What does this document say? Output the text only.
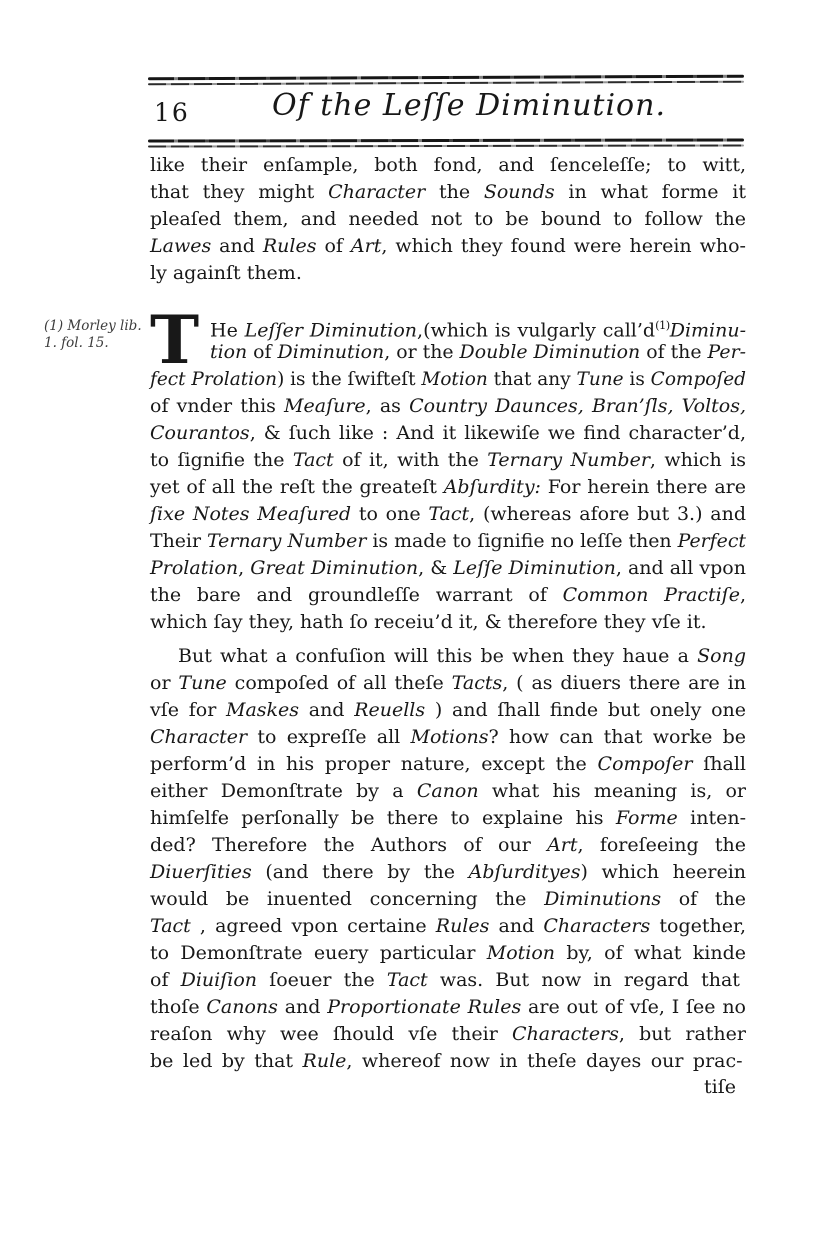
16	Of the Leſſe Diminution.
(1) Morley lib.
1. fol. 15.
like their enſample, both fond, and ſenceleſſe; to witt,
that they might Character the Sounds in what forme it
pleaſed them, and needed not to be bound to follow the
Lawes and Rules of Art, which they found were herein who-
ly againſt them.
T He Leſſer Diminution,(which is vulgarly $call’d^{(1)}Diminu-$
tion of Diminution, or the Double Diminution of the Per-
fect Prolation) is the ſwifteſt Motion that any Tune is Compoſed
of vnder this Meaſure, as Country Daunces, Bran’ſls, Voltos,
Courantos, & ſuch like : And it likewiſe we find character’d,
to ſignifie the Tact of it, with the Ternary Number, which is
yet of all the reſt the greateſt Abſurdity: For herein there are
ſixe Notes Meaſured to one Tact, (whereas afore but 3.) and
Their Ternary Number is made to ſignifie no leſſe then Perfect
Prolation, Great Diminution, & Leſſe Diminution, and all vpon
the bare and groundleſſe warrant of Common Practiſe,
which ſay they, hath ſo receiu’d it, & therefore they vſe it.
But what a confuſion will this be when they haue a Song
or Tune compoſed of all theſe Tacts, ( as diuers there are in
vſe for Maskes and Reuells ) and ſhall finde but onely one
Character to expreſſe all Motions? how can that worke be
perform’d in his proper nature, except the Compoſer ſhall
either Demonſtrate by a Canon what his meaning is, or
himſelfe perſonally be there to explaine his Forme inten-
ded? Therefore the Authors of our Art, foreſeeing the
Diuerſities (and there by the Abſurdityes) which heerein
would be inuented concerning the Diminutions of the
Tact , agreed vpon certaine Rules and Characters together,
to Demonſtrate euery particular Motion by, of what kinde
of Diuiſion ſoeuer the Tact was. But now in regard that
thoſe Canons and Proportionate Rules are out of vſe, I ſee no
reaſon why wee ſhould vſe their Characters, but rather
be led by that Rule, whereof now in theſe dayes our prac-
tiſe
